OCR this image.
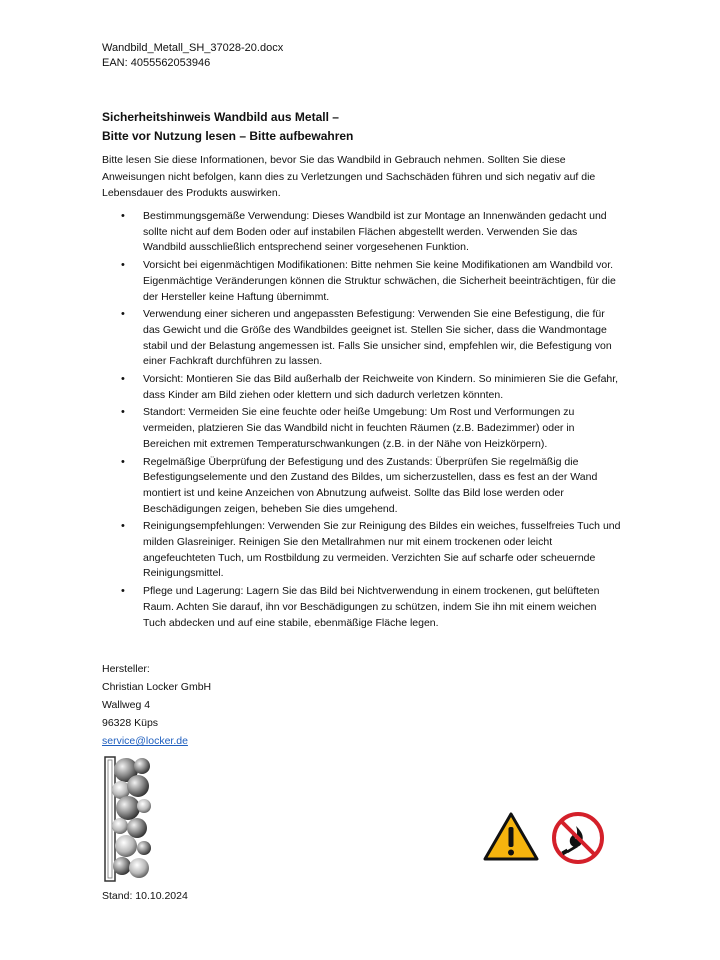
Wandbild_Metall_SH_37028-20.docx
EAN: 4055562053946
Sicherheitshinweis Wandbild aus Metall –
Bitte vor Nutzung lesen – Bitte aufbewahren
Bitte lesen Sie diese Informationen, bevor Sie das Wandbild in Gebrauch nehmen. Sollten Sie diese Anweisungen nicht befolgen, kann dies zu Verletzungen und Sachschäden führen und sich negativ auf die Lebensdauer des Produkts auswirken.
• Bestimmungsgemäße Verwendung: Dieses Wandbild ist zur Montage an Innenwänden gedacht und sollte nicht auf dem Boden oder auf instabilen Flächen abgestellt werden. Verwenden Sie das Wandbild ausschließlich entsprechend seiner vorgesehenen Funktion.
• Vorsicht bei eigenmächtigen Modifikationen: Bitte nehmen Sie keine Modifikationen am Wandbild vor. Eigenmächtige Veränderungen können die Struktur schwächen, die Sicherheit beeinträchtigen, für die der Hersteller keine Haftung übernimmt.
• Verwendung einer sicheren und angepassten Befestigung: Verwenden Sie eine Befestigung, die für das Gewicht und die Größe des Wandbildes geeignet ist. Stellen Sie sicher, dass die Wandmontage stabil und der Belastung angemessen ist. Falls Sie unsicher sind, empfehlen wir, die Befestigung von einer Fachkraft durchführen zu lassen.
• Vorsicht: Montieren Sie das Bild außerhalb der Reichweite von Kindern. So minimieren Sie die Gefahr, dass Kinder am Bild ziehen oder klettern und sich dadurch verletzen könnten.
• Standort: Vermeiden Sie eine feuchte oder heiße Umgebung: Um Rost und Verformungen zu vermeiden, platzieren Sie das Wandbild nicht in feuchten Räumen (z.B. Badezimmer) oder in Bereichen mit extremen Temperaturschwankungen (z.B. in der Nähe von Heizkörpern).
• Regelmäßige Überprüfung der Befestigung und des Zustands: Überprüfen Sie regelmäßig die Befestigungselemente und den Zustand des Bildes, um sicherzustellen, dass es fest an der Wand montiert ist und keine Anzeichen von Abnutzung aufweist. Sollte das Bild lose werden oder Beschädigungen zeigen, beheben Sie dies umgehend.
• Reinigungsempfehlungen: Verwenden Sie zur Reinigung des Bildes ein weiches, fusselfreies Tuch und milden Glasreiniger. Reinigen Sie den Metallrahmen nur mit einem trockenen oder leicht angefeuchteten Tuch, um Rostbildung zu vermeiden. Verzichten Sie auf scharfe oder scheuernde Reinigungsmittel.
• Pflege und Lagerung: Lagern Sie das Bild bei Nichtverwendung in einem trockenen, gut belüfteten Raum. Achten Sie darauf, ihn vor Beschädigungen zu schützen, indem Sie ihn mit einem weichen Tuch abdecken und auf eine stabile, ebenmäßige Fläche legen.
Hersteller:
Christian Locker GmbH
Wallweg 4
96328 Küps
service@locker.de
Stand: 10.10.2024
